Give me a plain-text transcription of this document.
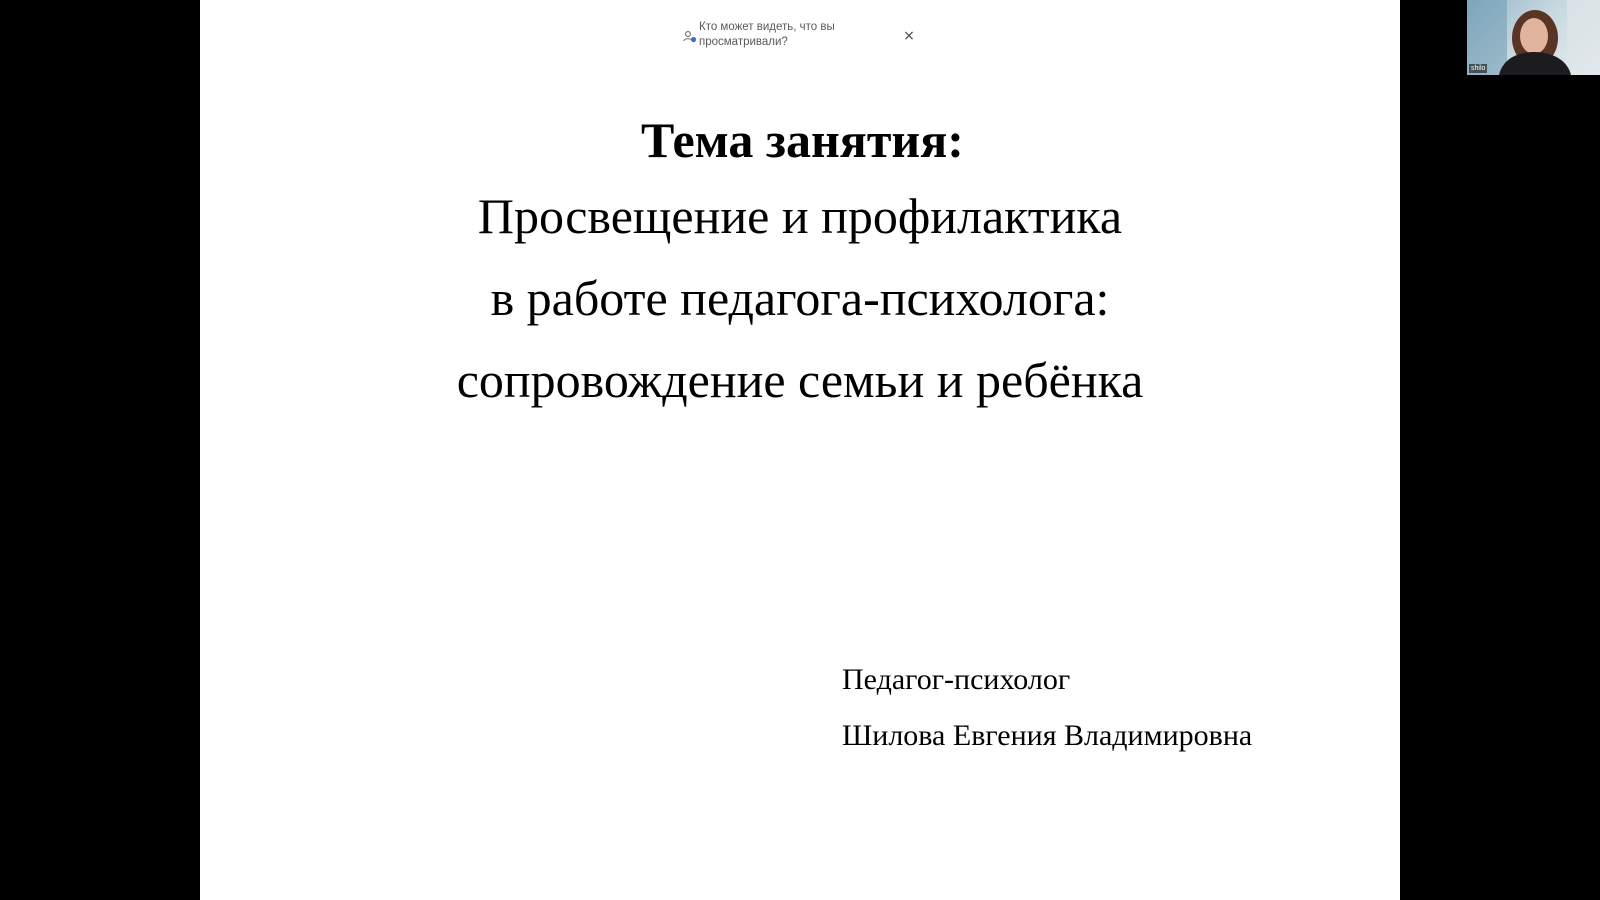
Кто может видеть, что вы просматривали?	×
Тема занятия:
Просвещение и профилактика
в работе педагога-психолога:
сопровождение семьи и ребёнка
Педагог-психолог
Шилова Евгения Владимировна
shilo
